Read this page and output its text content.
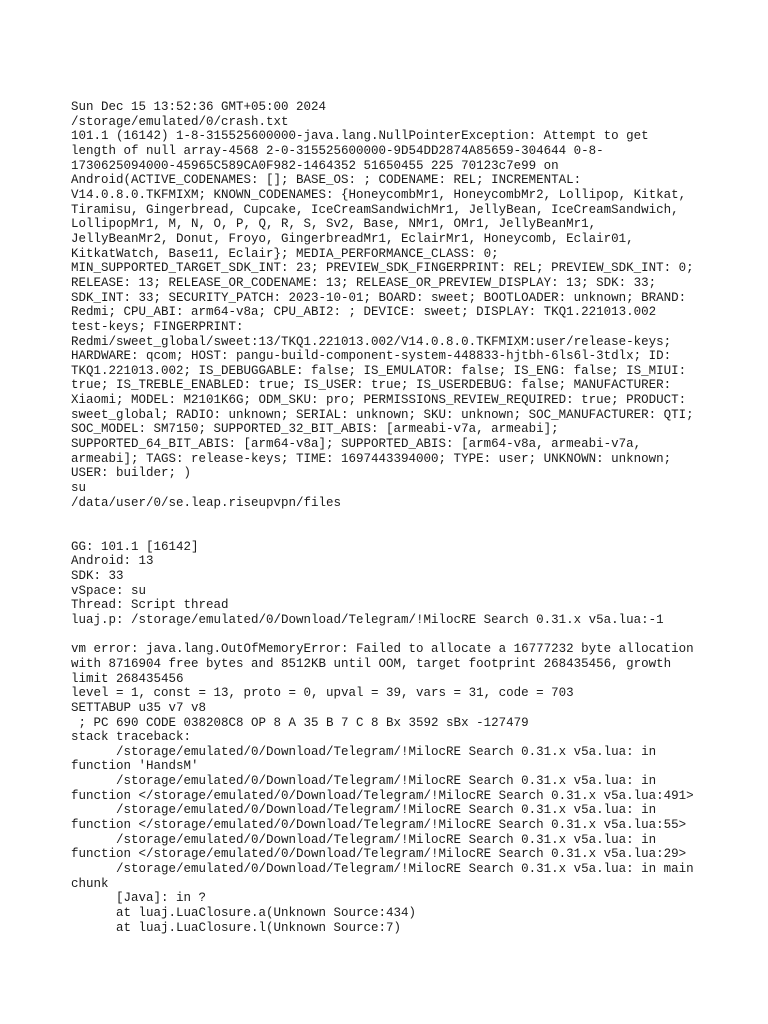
Sun Dec 15 13:52:36 GMT+05:00 2024
/storage/emulated/0/crash.txt
101.1 (16142) 1-8-315525600000-java.lang.NullPointerException: Attempt to get
length of null array-4568 2-0-315525600000-9D54DD2874A85659-304644 0-8-
1730625094000-45965C589CA0F982-1464352 51650455 225 70123c7e99 on
Android(ACTIVE_CODENAMES: []; BASE_OS: ; CODENAME: REL; INCREMENTAL:
V14.0.8.0.TKFMIXM; KNOWN_CODENAMES: {HoneycombMr1, HoneycombMr2, Lollipop, Kitkat,
Tiramisu, Gingerbread, Cupcake, IceCreamSandwichMr1, JellyBean, IceCreamSandwich,
LollipopMr1, M, N, O, P, Q, R, S, Sv2, Base, NMr1, OMr1, JellyBeanMr1,
JellyBeanMr2, Donut, Froyo, GingerbreadMr1, EclairMr1, Honeycomb, Eclair01,
KitkatWatch, Base11, Eclair}; MEDIA_PERFORMANCE_CLASS: 0;
MIN_SUPPORTED_TARGET_SDK_INT: 23; PREVIEW_SDK_FINGERPRINT: REL; PREVIEW_SDK_INT: 0;
RELEASE: 13; RELEASE_OR_CODENAME: 13; RELEASE_OR_PREVIEW_DISPLAY: 13; SDK: 33;
SDK_INT: 33; SECURITY_PATCH: 2023-10-01; BOARD: sweet; BOOTLOADER: unknown; BRAND:
Redmi; CPU_ABI: arm64-v8a; CPU_ABI2: ; DEVICE: sweet; DISPLAY: TKQ1.221013.002
test-keys; FINGERPRINT:
Redmi/sweet_global/sweet:13/TKQ1.221013.002/V14.0.8.0.TKFMIXM:user/release-keys;
HARDWARE: qcom; HOST: pangu-build-component-system-448833-hjtbh-6ls6l-3tdlx; ID:
TKQ1.221013.002; IS_DEBUGGABLE: false; IS_EMULATOR: false; IS_ENG: false; IS_MIUI:
true; IS_TREBLE_ENABLED: true; IS_USER: true; IS_USERDEBUG: false; MANUFACTURER:
Xiaomi; MODEL: M2101K6G; ODM_SKU: pro; PERMISSIONS_REVIEW_REQUIRED: true; PRODUCT:
sweet_global; RADIO: unknown; SERIAL: unknown; SKU: unknown; SOC_MANUFACTURER: QTI;
SOC_MODEL: SM7150; SUPPORTED_32_BIT_ABIS: [armeabi-v7a, armeabi];
SUPPORTED_64_BIT_ABIS: [arm64-v8a]; SUPPORTED_ABIS: [arm64-v8a, armeabi-v7a,
armeabi]; TAGS: release-keys; TIME: 1697443394000; TYPE: user; UNKNOWN: unknown;
USER: builder; )
su
/data/user/0/se.leap.riseupvpn/files
GG: 101.1 [16142]
Android: 13
SDK: 33
vSpace: su
Thread: Script thread
luaj.p: /storage/emulated/0/Download/Telegram/!MilocRE Search 0.31.x v5a.lua:-1
vm error: java.lang.OutOfMemoryError: Failed to allocate a 16777232 byte allocation
with 8716904 free bytes and 8512KB until OOM, target footprint 268435456, growth
limit 268435456
level = 1, const = 13, proto = 0, upval = 39, vars = 31, code = 703
SETTABUP u35 v7 v8
; PC 690 CODE 038208C8 OP 8 A 35 B 7 C 8 Bx 3592 sBx -127479
stack traceback:
/storage/emulated/0/Download/Telegram/!MilocRE Search 0.31.x v5a.lua: in
function 'HandsM'
/storage/emulated/0/Download/Telegram/!MilocRE Search 0.31.x v5a.lua: in
function </storage/emulated/0/Download/Telegram/!MilocRE Search 0.31.x v5a.lua:491>
/storage/emulated/0/Download/Telegram/!MilocRE Search 0.31.x v5a.lua: in
function </storage/emulated/0/Download/Telegram/!MilocRE Search 0.31.x v5a.lua:55>
/storage/emulated/0/Download/Telegram/!MilocRE Search 0.31.x v5a.lua: in
function </storage/emulated/0/Download/Telegram/!MilocRE Search 0.31.x v5a.lua:29>
/storage/emulated/0/Download/Telegram/!MilocRE Search 0.31.x v5a.lua: in main
chunk
[Java]: in ?
at luaj.LuaClosure.a(Unknown Source:434)
at luaj.LuaClosure.l(Unknown Source:7)
